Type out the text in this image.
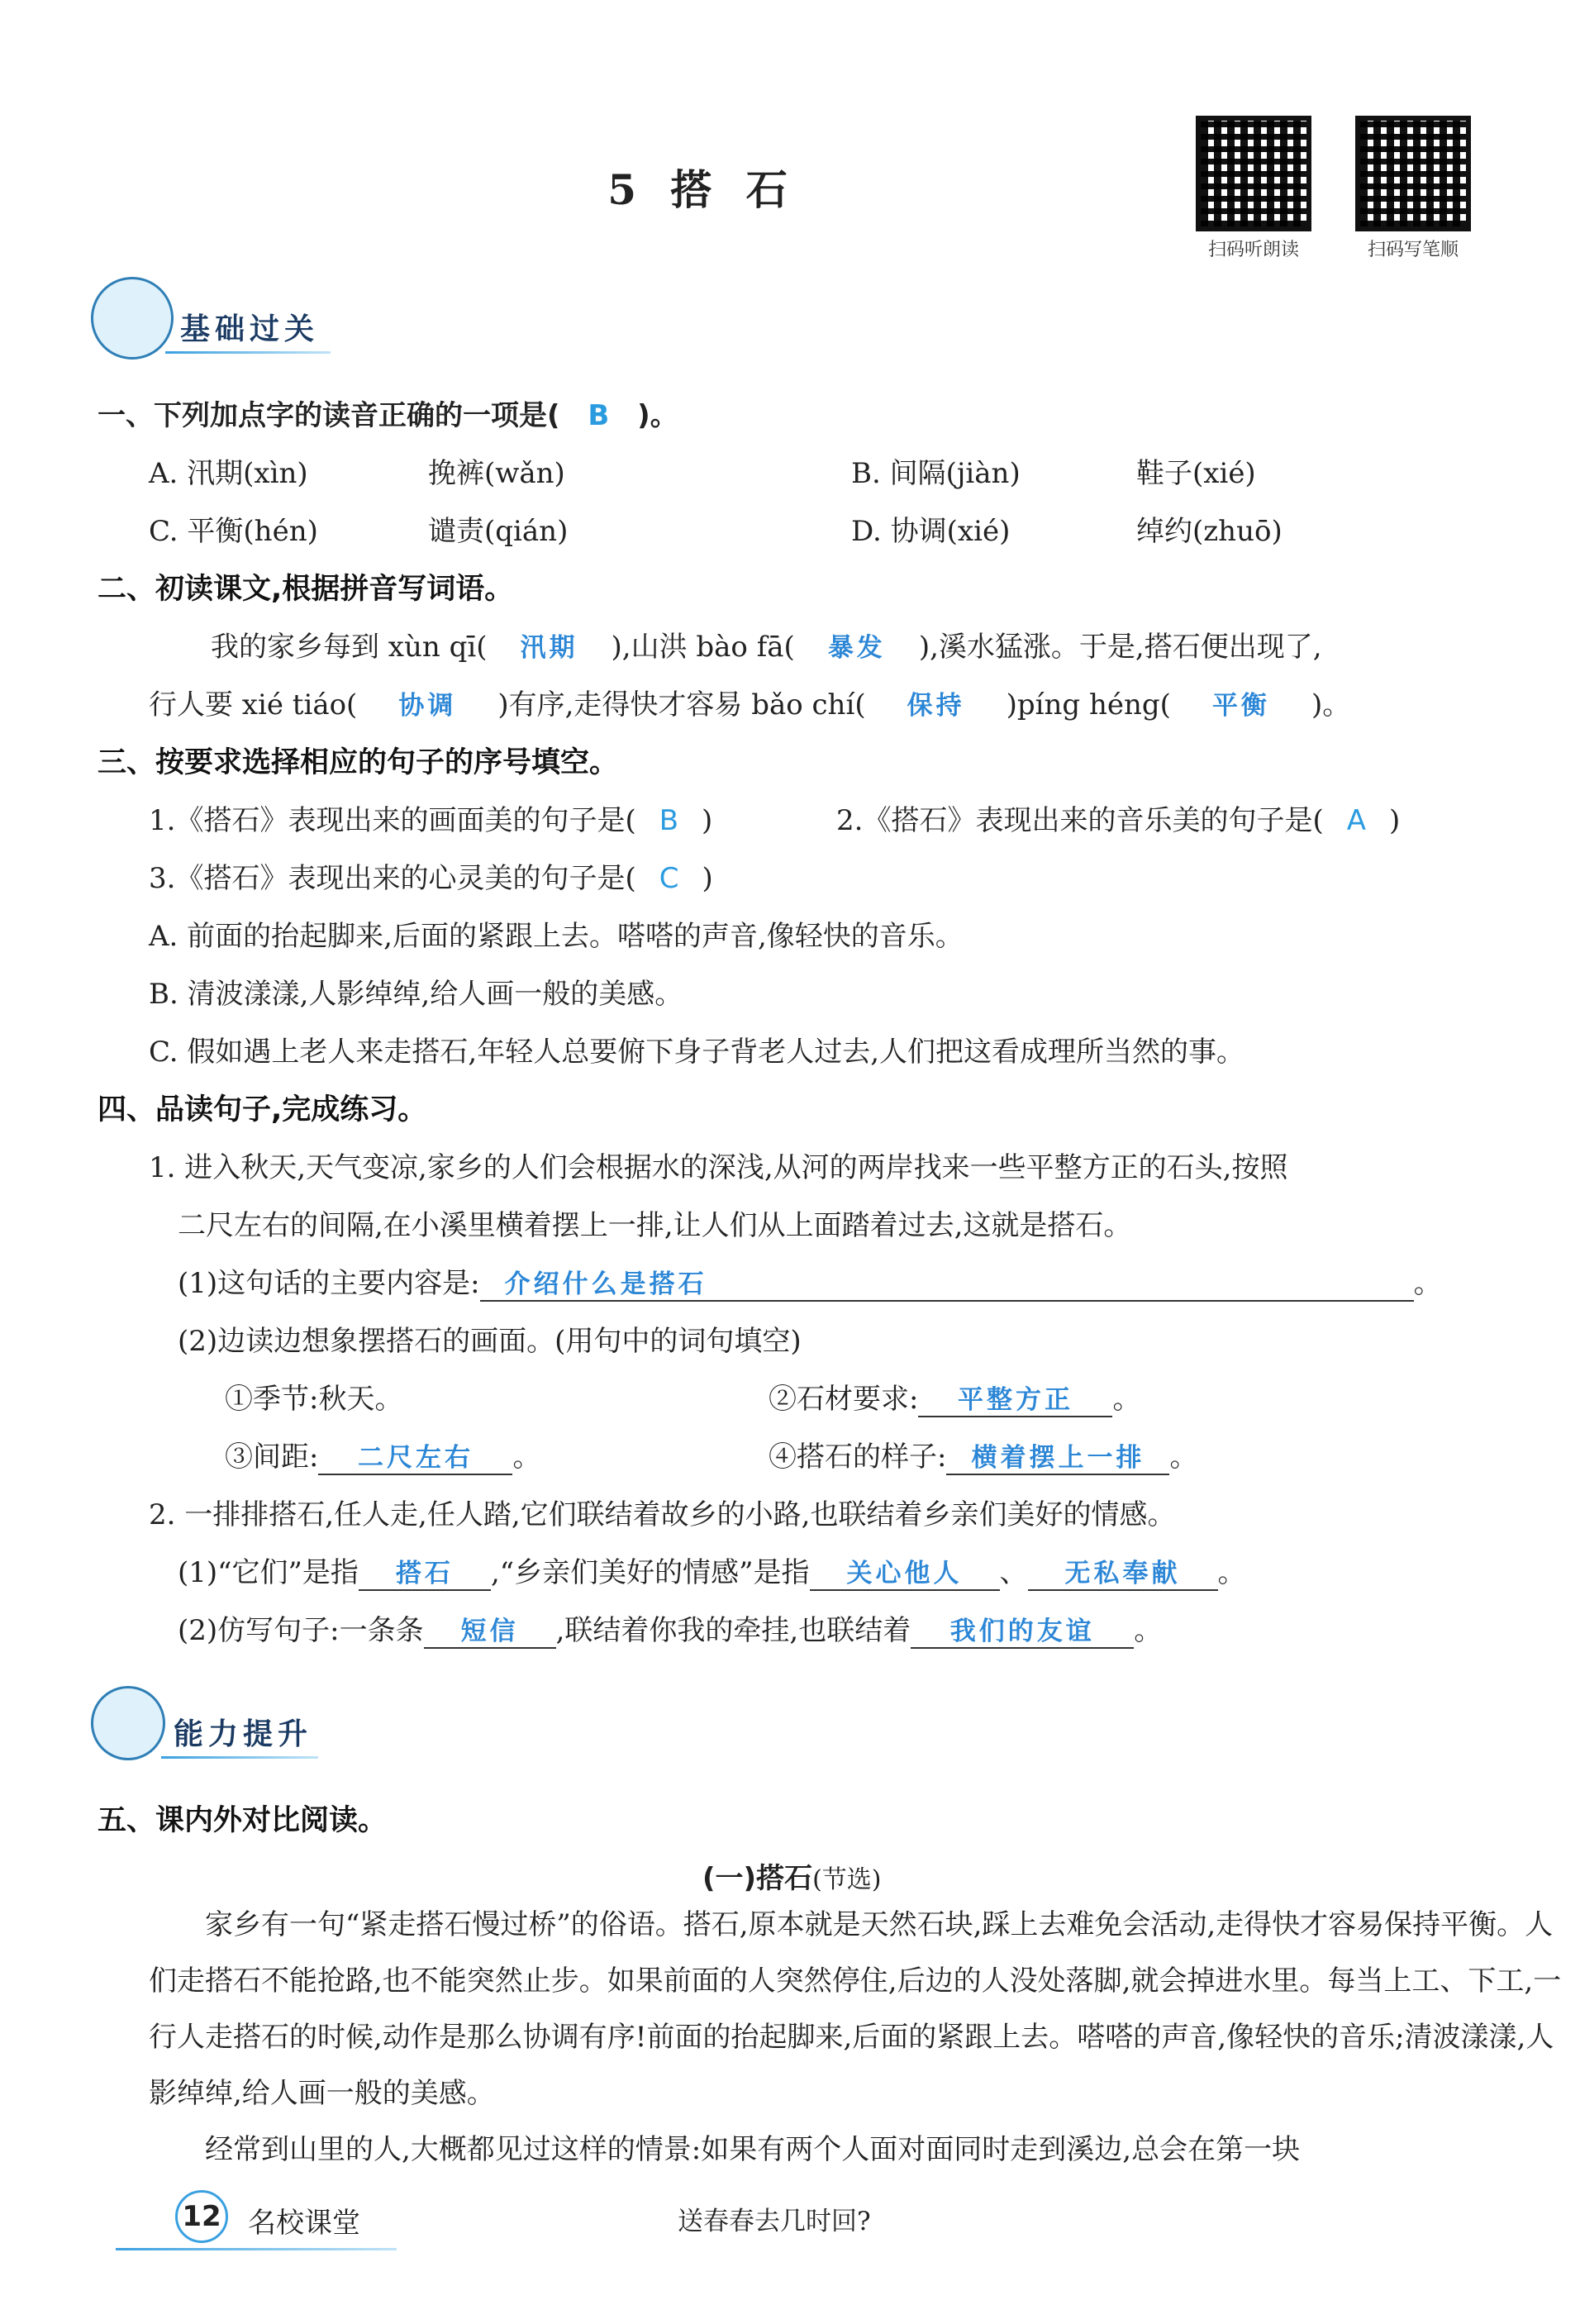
5 搭 石
扫码听朗读	扫码写笔顺
基础过关
一、下列加点字的读音正确的一项是( B )。
A. 汛期(xìn)	挽裤(wǎn)	B. 间隔(jiàn)	鞋子(xié)
C. 平衡(hén)	谴责(qián)	D. 协调(xié)	绰约(zhuō)
二、初读课文,根据拼音写词语。
我的家乡每到 xùn qī( 汛期 ),山洪 bào fā( 暴发 ),溪水猛涨。于是,搭石便出现了,
行人要 xié tiáo( 协调 )有序,走得快才容易 bǎo chí( 保持 )píng héng( 平衡 )。
三、按要求选择相应的句子的序号填空。
1.《搭石》表现出来的画面美的句子是( B )	2.《搭石》表现出来的音乐美的句子是( A )
3.《搭石》表现出来的心灵美的句子是( C )
A. 前面的抬起脚来,后面的紧跟上去。嗒嗒的声音,像轻快的音乐。
B. 清波漾漾,人影绰绰,给人画一般的美感。
C. 假如遇上老人来走搭石,年轻人总要俯下身子背老人过去,人们把这看成理所当然的事。
四、品读句子,完成练习。
1. 进入秋天,天气变凉,家乡的人们会根据水的深浅,从河的两岸找来一些平整方正的石头,按照
二尺左右的间隔,在小溪里横着摆上一排,让人们从上面踏着过去,这就是搭石。
(1)这句话的主要内容是: 介绍什么是搭石	。
(2)边读边想象摆搭石的画面。(用句中的词句填空)
①季节:秋天。	②石材要求: 平整方正 。
③间距: 二尺左右 。	④搭石的样子: 横着摆上一排 。
2. 一排排搭石,任人走,任人踏,它们联结着故乡的小路,也联结着乡亲们美好的情感。
(1)“它们”是指 搭石 ,“乡亲们美好的情感”是指 关心他人 、 无私奉献 。
(2)仿写句子:一条条 短信 ,联结着你我的牵挂,也联结着 我们的友谊 。
能力提升
五、课内外对比阅读。
(一)搭石(节选)
家乡有一句“紧走搭石慢过桥”的俗语。搭石,原本就是天然石块,踩上去难免会活动,走得快才容易保持平衡。人们走搭石不能抢路,也不能突然止步。如果前面的人突然停住,后边的人没处落脚,就会掉进水里。每当上工、下工,一行人走搭石的时候,动作是那么协调有序!前面的抬起脚来,后面的紧跟上去。嗒嗒的声音,像轻快的音乐;清波漾漾,人影绰绰,给人画一般的美感。
经常到山里的人,大概都见过这样的情景:如果有两个人面对面同时走到溪边,总会在第一块
12 名校课堂	送春春去几时回?
